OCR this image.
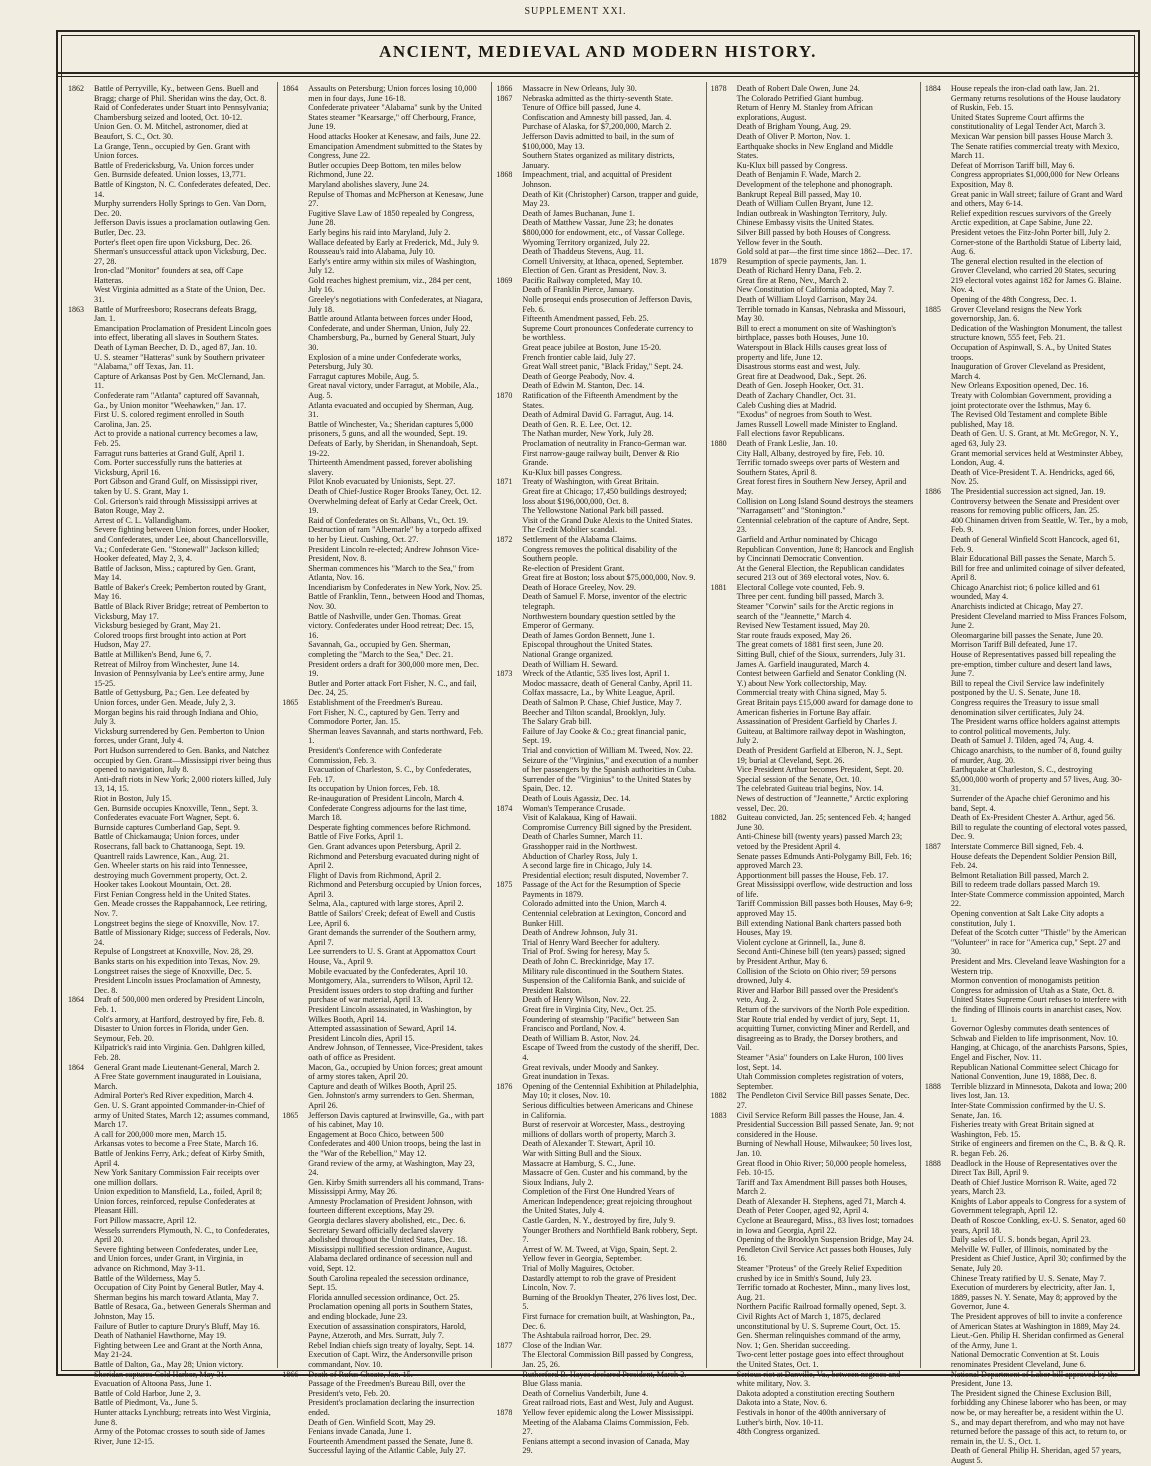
SUPPLEMENT XXI.
ANCIENT, MEDIEVAL AND MODERN HISTORY.
1862	Battle of Perryville, Ky., between Gens. Buell and Bragg; charge of Phil. Sheridan wins the day, Oct. 8.
Raid of Confederates under Stuart into Pennsylvania; Chambersburg seized and looted, Oct. 10-12.
Union Gen. O. M. Mitchel, astronomer, died at Beaufort, S. C., Oct. 30.
La Grange, Tenn., occupied by Gen. Grant with Union forces.
Battle of Fredericksburg, Va. Union forces under Gen. Burnside defeated. Union losses, 13,771.
Battle of Kingston, N. C. Confederates defeated, Dec. 14.
Murphy surrenders Holly Springs to Gen. Van Dorn, Dec. 20.
Jefferson Davis issues a proclamation outlawing Gen. Butler, Dec. 23.
Porter's fleet open fire upon Vicksburg, Dec. 26.
Sherman's unsuccessful attack upon Vicksburg, Dec. 27, 28.
Iron-clad "Monitor" founders at sea, off Cape Hatteras.
West Virginia admitted as a State of the Union, Dec. 31.
1863	Battle of Murfreesboro; Rosecrans defeats Bragg, Jan. 1.
Emancipation Proclamation of President Lincoln goes into effect, liberating all slaves in Southern States.
Death of Lyman Beecher, D. D., aged 87, Jan. 10.
U. S. steamer "Hatteras" sunk by Southern privateer "Alabama," off Texas, Jan. 11.
Capture of Arkansas Post by Gen. McClernand, Jan. 11.
Confederate ram "Atlanta" captured off Savannah, Ga., by Union monitor "Weehawken," Jan. 17.
First U. S. colored regiment enrolled in South Carolina, Jan. 25.
Act to provide a national currency becomes a law, Feb. 25.
Farragut runs batteries at Grand Gulf, April 1.
Com. Porter successfully runs the batteries at Vicksburg, April 16.
Port Gibson and Grand Gulf, on Mississippi river, taken by U. S. Grant, May 1.
Col. Grierson's raid through Mississippi arrives at Baton Rouge, May 2.
Arrest of C. L. Vallandigham.
Severe fighting between Union forces, under Hooker, and Confederates, under Lee, about Chancellorsville, Va.; Confederate Gen. "Stonewall" Jackson killed; Hooker defeated, May 2, 3, 4.
Battle of Jackson, Miss.; captured by Gen. Grant, May 14.
Battle of Baker's Creek; Pemberton routed by Grant, May 16.
Battle of Black River Bridge; retreat of Pemberton to Vicksburg, May 17.
Vicksburg besieged by Grant, May 21.
Colored troops first brought into action at Port Hudson, May 27.
Battle at Milliken's Bend, June 6, 7.
Retreat of Milroy from Winchester, June 14.
Invasion of Pennsylvania by Lee's entire army, June 15-25.
Battle of Gettysburg, Pa.; Gen. Lee defeated by Union forces, under Gen. Meade, July 2, 3.
Morgan begins his raid through Indiana and Ohio, July 3.
Vicksburg surrendered by Gen. Pemberton to Union forces, under Grant, July 4.
Port Hudson surrendered to Gen. Banks, and Natchez occupied by Gen. Grant—Mississippi river being thus opened to navigation, July 8.
Anti-draft riots in New York; 2,000 rioters killed, July 13, 14, 15.
Riot in Boston, July 15.
Gen. Burnside occupies Knoxville, Tenn., Sept. 3.
Confederates evacuate Fort Wagner, Sept. 6.
Burnside captures Cumberland Gap, Sept. 9.
Battle of Chickamauga; Union forces, under Rosecrans, fall back to Chattanooga, Sept. 19.
Quantrell raids Lawrence, Kan., Aug. 21.
Gen. Wheeler starts on his raid into Tennessee, destroying much Government property, Oct. 2.
Hooker takes Lookout Mountain, Oct. 28.
First Fenian Congress held in the United States.
Gen. Meade crosses the Rappahannock, Lee retiring, Nov. 7.
Longstreet begins the siege of Knoxville, Nov. 17.
Battle of Missionary Ridge; success of Federals, Nov. 24.
Repulse of Longstreet at Knoxville, Nov. 28, 29.
Banks starts on his expedition into Texas, Nov. 29.
Longstreet raises the siege of Knoxville, Dec. 5.
President Lincoln issues Proclamation of Amnesty, Dec. 8.
1864	Draft of 500,000 men ordered by President Lincoln, Feb. 1.
Colt's armory, at Hartford, destroyed by fire, Feb. 8.
Disaster to Union forces in Florida, under Gen. Seymour, Feb. 20.
Kilpatrick's raid into Virginia. Gen. Dahlgren killed, Feb. 28.
1864	General Grant made Lieutenant-General, March 2.
A Free State government inaugurated in Louisiana, March.
Admiral Porter's Red River expedition, March 4.
Gen. U. S. Grant appointed Commander-in-Chief of army of United States, March 12; assumes command, March 17.
A call for 200,000 more men, March 15.
Arkansas votes to become a Free State, March 16.
Battle of Jenkins Ferry, Ark.; defeat of Kirby Smith, April 4.
New York Sanitary Commission Fair receipts over one million dollars.
Union expedition to Mansfield, La., foiled, April 8; Union forces, reinforced, repulse Confederates at Pleasant Hill.
Fort Pillow massacre, April 12.
Wessels surrenders Plymouth, N. C., to Confederates, April 20.
Severe fighting between Confederates, under Lee, and Union forces, under Grant, in Virginia, in advance on Richmond, May 3-11.
Battle of the Wilderness, May 5.
Occupation of City Point by General Butler, May 4.
Sherman begins his march toward Atlanta, May 7.
Battle of Resaca, Ga., between Generals Sherman and Johnston, May 15.
Failure of Butler to capture Drury's Bluff, May 16.
Death of Nathaniel Hawthorne, May 19.
Fighting between Lee and Grant at the North Anna, May 21-24.
Battle of Dalton, Ga., May 28; Union victory.
Sheridan captures Cold Harbor, May 31.
Evacuation of Altoona Pass, June 1.
Battle of Cold Harbor, June 2, 3.
Battle of Piedmont, Va., June 5.
Hunter attacks Lynchburg; retreats into West Virginia, June 8.
Army of the Potomac crosses to south side of James River, June 12-15.
1864	Assaults on Petersburg; Union forces losing 10,000 men in four days, June 16-18.
Confederate privateer "Alabama" sunk by the United States steamer "Kearsarge," off Cherbourg, France, June 19.
Hood attacks Hooker at Kenesaw, and fails, June 22.
Emancipation Amendment submitted to the States by Congress, June 22.
Butler occupies Deep Bottom, ten miles below Richmond, June 22.
Maryland abolishes slavery, June 24.
Repulse of Thomas and McPherson at Kenesaw, June 27.
Fugitive Slave Law of 1850 repealed by Congress, June 28.
Early begins his raid into Maryland, July 2.
Wallace defeated by Early at Frederick, Md., July 9.
Rousseau's raid into Alabama, July 10.
Early's entire army within six miles of Washington, July 12.
Gold reaches highest premium, viz., 284 per cent, July 16.
Greeley's negotiations with Confederates, at Niagara, July 18.
Battle around Atlanta between forces under Hood, Confederate, and under Sherman, Union, July 22.
Chambersburg, Pa., burned by General Stuart, July 30.
Explosion of a mine under Confederate works, Petersburg, July 30.
Farragut captures Mobile, Aug. 5.
Great naval victory, under Farragut, at Mobile, Ala., Aug. 5.
Atlanta evacuated and occupied by Sherman, Aug. 31.
Battle of Winchester, Va.; Sheridan captures 5,000 prisoners, 5 guns, and all the wounded, Sept. 19.
Defeats of Early, by Sheridan, in Shenandoah, Sept. 19-22.
Thirteenth Amendment passed, forever abolishing slavery.
Pilot Knob evacuated by Unionists, Sept. 27.
Death of Chief-Justice Roger Brooks Taney, Oct. 12.
Overwhelming defeat of Early at Cedar Creek, Oct. 19.
Raid of Confederates on St. Albans, Vt., Oct. 19.
Destruction of ram "Albemarle" by a torpedo affixed to her by Lieut. Cushing, Oct. 27.
President Lincoln re-elected; Andrew Johnson Vice-President, Nov. 8.
Sherman commences his "March to the Sea," from Atlanta, Nov. 16.
Incendiarism by Confederates in New York, Nov. 25.
Battle of Franklin, Tenn., between Hood and Thomas, Nov. 30.
Battle of Nashville, under Gen. Thomas. Great victory. Confederates under Hood retreat; Dec. 15, 16.
Savannah, Ga., occupied by Gen. Sherman, completing the "March to the Sea," Dec. 21.
President orders a draft for 300,000 more men, Dec. 19.
Butler and Porter attack Fort Fisher, N. C., and fail, Dec. 24, 25.
1865	Establishment of the Freedmen's Bureau.
Fort Fisher, N. C., captured by Gen. Terry and Commodore Porter, Jan. 15.
Sherman leaves Savannah, and starts northward, Feb. 1.
President's Conference with Confederate Commission, Feb. 3.
Evacuation of Charleston, S. C., by Confederates, Feb. 17.
Its occupation by Union forces, Feb. 18.
Re-inauguration of President Lincoln, March 4.
Confederate Congress adjourns for the last time, March 18.
Desperate fighting commences before Richmond. Battle of Five Forks, April 1.
Gen. Grant advances upon Petersburg, April 2.
Richmond and Petersburg evacuated during night of April 2.
Flight of Davis from Richmond, April 2.
Richmond and Petersburg occupied by Union forces, April 3.
Selma, Ala., captured with large stores, April 2.
Battle of Sailors' Creek; defeat of Ewell and Custis Lee, April 6.
Grant demands the surrender of the Southern army, April 7.
Lee surrenders to U. S. Grant at Appomattox Court House, Va., April 9.
Mobile evacuated by the Confederates, April 10.
Montgomery, Ala., surrenders to Wilson, April 12.
President issues orders to stop drafting and further purchase of war material, April 13.
President Lincoln assassinated, in Washington, by Wilkes Booth, April 14.
Attempted assassination of Seward, April 14.
President Lincoln dies, April 15.
Andrew Johnson, of Tennessee, Vice-President, takes oath of office as President.
Macon, Ga., occupied by Union forces; great amount of army stores taken, April 20.
Capture and death of Wilkes Booth, April 25.
Gen. Johnston's army surrenders to Gen. Sherman, April 26.
1865	Jefferson Davis captured at Irwinsville, Ga., with part of his cabinet, May 10.
Engagement at Boco Chico, between 500 Confederates and 400 Union troops, being the last in the "War of the Rebellion," May 12.
Grand review of the army, at Washington, May 23, 24.
Gen. Kirby Smith surrenders all his command, Trans-Mississippi Army, May 26.
Amnesty Proclamation of President Johnson, with fourteen different exceptions, May 29.
Georgia declares slavery abolished, etc., Dec. 6.
Secretary Seward officially declared slavery abolished throughout the United States, Dec. 18.
Mississippi nullified secession ordinance, August.
Alabama declared ordinance of secession null and void, Sept. 12.
South Carolina repealed the secession ordinance, Sept. 15.
Florida annulled secession ordinance, Oct. 25.
Proclamation opening all ports in Southern States, and ending blockade, June 23.
Execution of assassination conspirators, Harold, Payne, Atzeroth, and Mrs. Surratt, July 7.
Rebel Indian chiefs sign treaty of loyalty, Sept. 14.
Execution of Capt. Wirz, the Andersonville prison commandant, Nov. 10.
1866	Death of Rufus Choate, Jan. 15.
Passage of the Freedmen's Bureau Bill, over the President's veto, Feb. 20.
President's proclamation declaring the insurrection ended.
Death of Gen. Winfield Scott, May 29.
Fenians invade Canada, June 1.
Fourteenth Amendment passed the Senate, June 8.
Successful laying of the Atlantic Cable, July 27.
1866	Massacre in New Orleans, July 30.
1867	Nebraska admitted as the thirty-seventh State.
Tenure of Office bill passed, June 4.
Confiscation and Amnesty bill passed, Jan. 4.
Purchase of Alaska, for $7,200,000, March 2.
Jefferson Davis admitted to bail, in the sum of $100,000, May 13.
Southern States organized as military districts, January.
1868	Impeachment, trial, and acquittal of President Johnson.
Death of Kit (Christopher) Carson, trapper and guide, May 23.
Death of James Buchanan, June 1.
Death of Matthew Vassar, June 23; he donates $800,000 for endowment, etc., of Vassar College.
Wyoming Territory organized, July 22.
Death of Thaddeus Stevens, Aug. 11.
Cornell University, at Ithaca, opened, September.
Election of Gen. Grant as President, Nov. 3.
1869	Pacific Railway completed, May 10.
Death of Franklin Pierce, January.
Nolle prosequi ends prosecution of Jefferson Davis, Feb. 6.
Fifteenth Amendment passed, Feb. 25.
Supreme Court pronounces Confederate currency to be worthless.
Great peace jubilee at Boston, June 15-20.
French frontier cable laid, July 27.
Great Wall street panic, "Black Friday," Sept. 24.
Death of George Peabody, Nov. 4.
Death of Edwin M. Stanton, Dec. 14.
1870	Ratification of the Fifteenth Amendment by the States.
Death of Admiral David G. Farragut, Aug. 14.
Death of Gen. R. E. Lee, Oct. 12.
The Nathan murder, New York, July 28.
Proclamation of neutrality in Franco-German war.
First narrow-gauge railway built, Denver & Rio Grande.
Ku-Klux bill passes Congress.
1871	Treaty of Washington, with Great Britain.
Great fire at Chicago; 17,450 buildings destroyed; loss about $196,000,000, Oct. 8.
The Yellowstone National Park bill passed.
Visit of the Grand Duke Alexis to the United States.
The Credit Mobilier scandal.
1872	Settlement of the Alabama Claims.
Congress removes the political disability of the Southern people.
Re-election of President Grant.
Great fire at Boston; loss about $75,000,000, Nov. 9.
Death of Horace Greeley, Nov. 29.
Death of Samuel F. Morse, inventor of the electric telegraph.
Northwestern boundary question settled by the Emperor of Germany.
Death of James Gordon Bennett, June 1.
Episcopal throughout the United States.
National Grange organized.
Death of William H. Seward.
1873	Wreck of the Atlantic, 535 lives lost, April 1.
Modoc massacre, death of General Canby, April 11.
Colfax massacre, La., by White League, April.
Death of Salmon P. Chase, Chief Justice, May 7.
Beecher and Tilton scandal, Brooklyn, July.
The Salary Grab bill.
Failure of Jay Cooke & Co.; great financial panic, Sept. 19.
Trial and conviction of William M. Tweed, Nov. 22.
Seizure of the "Virginius," and execution of a number of her passengers by the Spanish authorities in Cuba.
Surrender of the "Virginius" to the United States by Spain, Dec. 12.
Death of Louis Agassiz, Dec. 14.
1874	Woman's Temperance Crusade.
Visit of Kalakaua, King of Hawaii.
Compromise Currency Bill signed by the President.
Death of Charles Sumner, March 11.
Grasshopper raid in the Northwest.
Abduction of Charley Ross, July 1.
A second large fire in Chicago, July 14.
Presidential election; result disputed, November 7.
1875	Passage of the Act for the Resumption of Specie Payments in 1879.
Colorado admitted into the Union, March 4.
Centennial celebration at Lexington, Concord and Bunker Hill.
Death of Andrew Johnson, July 31.
Trial of Henry Ward Beecher for adultery.
Trial of Prof. Swing for heresy, May 5.
Death of John C. Breckinridge, May 17.
Military rule discontinued in the Southern States.
Suspension of the California Bank, and suicide of President Ralston.
Death of Henry Wilson, Nov. 22.
Great fire in Virginia City, Nev., Oct. 25.
Foundering of steamship "Pacific" between San Francisco and Portland, Nov. 4.
Death of William B. Astor, Nov. 24.
Escape of Tweed from the custody of the sheriff, Dec. 4.
Great revivals, under Moody and Sankey.
Great inundation in Texas.
1876	Opening of the Centennial Exhibition at Philadelphia, May 10; it closes, Nov. 10.
Serious difficulties between Americans and Chinese in California.
Burst of reservoir at Worcester, Mass., destroying millions of dollars worth of property, March 3.
Death of Alexander T. Stewart, April 10.
War with Sitting Bull and the Sioux.
Massacre at Hamburg, S. C., June.
Massacre of Gen. Custer and his command, by the Sioux Indians, July 2.
Completion of the First One Hundred Years of American Independence; great rejoicing throughout the United States, July 4.
Castle Garden, N. Y., destroyed by fire, July 9.
Younger Brothers and Northfield Bank robbery, Sept. 7.
Arrest of W. M. Tweed, at Vigo, Spain, Sept. 2.
Yellow fever in Georgia, September.
Trial of Molly Maguires, October.
Dastardly attempt to rob the grave of President Lincoln, Nov. 7.
Burning of the Brooklyn Theater, 276 lives lost, Dec. 5.
First furnace for cremation built, at Washington, Pa., Dec. 6.
The Ashtabula railroad horror, Dec. 29.
1877	Close of the Indian War.
The Electoral Commission Bill passed by Congress, Jan. 25, 26.
Rutherford B. Hayes declared President, March 2.
Blue Glass mania.
Death of Cornelius Vanderbilt, June 4.
Great railroad riots, East and West, July and August.
1878	Yellow fever epidemic along the Lower Mississippi.
Meeting of the Alabama Claims Commission, Feb. 27.
Fenians attempt a second invasion of Canada, May 29.
1878	Death of Robert Dale Owen, June 24.
The Colorado Petrified Giant humbug.
Return of Henry M. Stanley from African explorations, August.
Death of Brigham Young, Aug. 29.
Death of Oliver P. Morton, Nov. 1.
Earthquake shocks in New England and Middle States.
Ku-Klux bill passed by Congress.
Death of Benjamin F. Wade, March 2.
Development of the telephone and phonograph.
Bankrupt Repeal Bill passed, May 10.
Death of William Cullen Bryant, June 12.
Indian outbreak in Washington Territory, July.
Chinese Embassy visits the United States.
Silver Bill passed by both Houses of Congress.
Yellow fever in the South.
Gold sold at par—the first time since 1862—Dec. 17.
1879	Resumption of specie payments, Jan. 1.
Death of Richard Henry Dana, Feb. 2.
Great fire at Reno, Nev., March 2.
New Constitution of California adopted, May 7.
Death of William Lloyd Garrison, May 24.
Terrible tornado in Kansas, Nebraska and Missouri, May 30.
Bill to erect a monument on site of Washington's birthplace, passes both Houses, June 10.
Waterspout in Black Hills causes great loss of property and life, June 12.
Disastrous storms east and west, July.
Great fire at Deadwood, Dak., Sept. 26.
Death of Gen. Joseph Hooker, Oct. 31.
Death of Zachary Chandler, Oct. 31.
Caleb Cushing dies at Madrid.
"Exodus" of negroes from South to West.
James Russell Lowell made Minister to England.
Fall elections favor Republicans.
1880	Death of Frank Leslie, Jan. 10.
City Hall, Albany, destroyed by fire, Feb. 10.
Terrific tornado sweeps over parts of Western and Southern States, April 8.
Great forest fires in Southern New Jersey, April and May.
Collision on Long Island Sound destroys the steamers "Narragansett" and "Stonington."
Centennial celebration of the capture of Andre, Sept. 23.
Garfield and Arthur nominated by Chicago Republican Convention, June 8; Hancock and English by Cincinnati Democratic Convention.
At the General Election, the Republican candidates secured 213 out of 369 electoral votes, Nov. 6.
1881	Electoral College vote counted, Feb. 9.
Three per cent. funding bill passed, March 3.
Steamer "Corwin" sails for the Arctic regions in search of the "Jeannette," March 4.
Revised New Testament issued, May 20.
Star route frauds exposed, May 26.
The great comets of 1881 first seen, June 20.
Sitting Bull, chief of the Sioux, surrenders, July 31.
James A. Garfield inaugurated, March 4.
Contest between Garfield and Senator Conkling (N. Y.) about New York collectorship, May.
Commercial treaty with China signed, May 5.
Great Britain pays £15,000 award for damage done to American fisheries in Fortune Bay affair.
Assassination of President Garfield by Charles J. Guiteau, at Baltimore railway depot in Washington, July 2.
Death of President Garfield at Elberon, N. J., Sept. 19; burial at Cleveland, Sept. 26.
Vice President Arthur becomes President, Sept. 20.
Special session of the Senate, Oct. 10.
The celebrated Guiteau trial begins, Nov. 14.
News of destruction of "Jeannette," Arctic exploring vessel, Dec. 20.
1882	Guiteau convicted, Jan. 25; sentenced Feb. 4; hanged June 30.
Anti-Chinese bill (twenty years) passed March 23; vetoed by the President April 4.
Senate passes Edmunds Anti-Polygamy Bill, Feb. 16; approved March 23.
Apportionment bill passes the House, Feb. 17.
Great Mississippi overflow, wide destruction and loss of life.
Tariff Commission Bill passes both Houses, May 6-9; approved May 15.
Bill extending National Bank charters passed both Houses, May 19.
Violent cyclone at Grinnell, Ia., June 8.
Second Anti-Chinese bill (ten years) passed; signed by President Arthur, May 6.
Collision of the Scioto on Ohio river; 59 persons drowned, July 4.
River and Harbor Bill passed over the President's veto, Aug. 2.
Return of the survivors of the North Pole expedition.
Star Route trial ended by verdict of jury, Sept. 11, acquitting Turner, convicting Miner and Rerdell, and disagreeing as to Brady, the Dorsey brothers, and Vail.
Steamer "Asia" founders on Lake Huron, 100 lives lost, Sept. 14.
Utah Commission completes registration of voters, September.
1882	The Pendleton Civil Service Bill passes Senate, Dec. 27.
1883	Civil Service Reform Bill passes the House, Jan. 4.
Presidential Succession Bill passed Senate, Jan. 9; not considered in the House.
Burning of Newhall House, Milwaukee; 50 lives lost, Jan. 10.
Great flood in Ohio River; 50,000 people homeless, Feb. 10-15.
Tariff and Tax Amendment Bill passes both Houses, March 2.
Death of Alexander H. Stephens, aged 71, March 4.
Death of Peter Cooper, aged 92, April 4.
Cyclone at Beauregard, Miss., 83 lives lost; tornadoes in Iowa and Georgia, April 22.
Opening of the Brooklyn Suspension Bridge, May 24.
Pendleton Civil Service Act passes both Houses, July 16.
Steamer "Proteus" of the Greely Relief Expedition crushed by ice in Smith's Sound, July 23.
Terrific tornado at Rochester, Minn., many lives lost, Aug. 21.
Northern Pacific Railroad formally opened, Sept. 3.
Civil Rights Act of March 1, 1875, declared unconstitutional by U. S. Supreme Court, Oct. 15.
Gen. Sherman relinquishes command of the army, Nov. 1; Gen. Sheridan succeeding.
Two-cent letter postage goes into effect throughout the United States, Oct. 1.
Serious riot at Danville, Va., between negroes and white military, Nov. 3.
Dakota adopted a constitution erecting Southern Dakota into a State, Nov. 6.
Festivals in honor of the 400th anniversary of Luther's birth, Nov. 10-11.
48th Congress organized.
1884	House repeals the iron-clad oath law, Jan. 21.
Germany returns resolutions of the House laudatory of Ruskin, Feb. 15.
United States Supreme Court affirms the constitutionality of Legal Tender Act, March 3.
Mexican War pension bill passes House March 3.
The Senate ratifies commercial treaty with Mexico, March 11.
Defeat of Morrison Tariff bill, May 6.
Congress appropriates $1,000,000 for New Orleans Exposition, May 8.
Great panic in Wall street; failure of Grant and Ward and others, May 6-14.
Relief expedition rescues survivors of the Greely Arctic expedition, at Cape Sabine, June 22.
President vetoes the Fitz-John Porter bill, July 2.
Corner-stone of the Bartholdi Statue of Liberty laid, Aug. 6.
The general election resulted in the election of Grover Cleveland, who carried 20 States, securing 219 electoral votes against 182 for James G. Blaine. Nov. 4.
Opening of the 48th Congress, Dec. 1.
1885	Grover Cleveland resigns the New York governorship, Jan. 6.
Dedication of the Washington Monument, the tallest structure known, 555 feet, Feb. 21.
Occupation of Aspinwall, S. A., by United States troops.
Inauguration of Grover Cleveland as President, March 4.
New Orleans Exposition opened, Dec. 16.
Treaty with Colombian Government, providing a joint protectorate over the Isthmus, May 6.
The Revised Old Testament and complete Bible published, May 18.
Death of Gen. U. S. Grant, at Mt. McGregor, N. Y., aged 63, July 23.
Grant memorial services held at Westminster Abbey, London, Aug. 4.
Death of Vice-President T. A. Hendricks, aged 66, Nov. 25.
1886	The Presidential succession act signed, Jan. 19.
Controversy between the Senate and President over reasons for removing public officers, Jan. 25.
400 Chinamen driven from Seattle, W. Ter., by a mob, Feb. 9.
Death of General Winfield Scott Hancock, aged 61, Feb. 9.
Blair Educational Bill passes the Senate, March 5.
Bill for free and unlimited coinage of silver defeated, April 8.
Chicago Anarchist riot; 6 police killed and 61 wounded, May 4.
Anarchists indicted at Chicago, May 27.
President Cleveland married to Miss Frances Folsom, June 2.
Oleomargarine bill passes the Senate, June 20.
Morrison Tariff Bill defeated, June 17.
House of Representatives passed bill repealing the pre-emption, timber culture and desert land laws, June 7.
Bill to repeal the Civil Service law indefinitely postponed by the U. S. Senate, June 18.
Congress requires the Treasury to issue small denomination silver certificates, July 24.
The President warns office holders against attempts to control political movements, July.
Death of Samuel J. Tilden, aged 74, Aug. 4.
Chicago anarchists, to the number of 8, found guilty of murder, Aug. 20.
Earthquake at Charleston, S. C., destroying $5,000,000 worth of property and 57 lives, Aug. 30-31.
Surrender of the Apache chief Geronimo and his band, Sept. 4.
Death of Ex-President Chester A. Arthur, aged 56.
Bill to regulate the counting of electoral votes passed, Dec. 9.
1887	Interstate Commerce Bill signed, Feb. 4.
House defeats the Dependent Soldier Pension Bill, Feb. 24.
Belmont Retaliation Bill passed, March 2.
Bill to redeem trade dollars passed March 19.
Inter-State Commerce commission appointed, March 22.
Opening convention at Salt Lake City adopts a constitution, July 1.
Defeat of the Scotch cutter "Thistle" by the American "Volunteer" in race for "America cup," Sept. 27 and 30.
President and Mrs. Cleveland leave Washington for a Western trip.
Mormon convention of monogamists petition Congress for admission of Utah as a State, Oct. 8.
United States Supreme Court refuses to interfere with the finding of Illinois courts in anarchist cases, Nov. 1.
Governor Oglesby commutes death sentences of Schwab and Fielden to life imprisonment, Nov. 10.
Hanging, at Chicago, of the anarchists Parsons, Spies, Engel and Fischer, Nov. 11.
Republican National Committee select Chicago for National Convention, June 19, 1888, Dec. 8.
1888	Terrible blizzard in Minnesota, Dakota and Iowa; 200 lives lost, Jan. 13.
Inter-State Commission confirmed by the U. S. Senate, Jan. 16.
Fisheries treaty with Great Britain signed at Washington, Feb. 15.
Strike of engineers and firemen on the C., B. & Q. R. R. began Feb. 26.
1888	Deadlock in the House of Representatives over the Direct Tax Bill, April 9.
Death of Chief Justice Morrison R. Waite, aged 72 years, March 23.
Knights of Labor appeals to Congress for a system of Government telegraph, April 12.
Death of Roscoe Conkling, ex-U. S. Senator, aged 60 years, April 18.
Daily sales of U. S. bonds began, April 23.
Melville W. Fuller, of Illinois, nominated by the President as Chief Justice, April 30; confirmed by the Senate, July 20.
Chinese Treaty ratified by U. S. Senate, May 7.
Execution of murderers by electricity, after Jan. 1, 1889, passes N. Y. Senate, May 8; approved by the Governor, June 4.
The President approves of bill to invite a conference of American States at Washington in 1889, May 24.
Lieut.-Gen. Philip H. Sheridan confirmed as General of the Army, June 1.
National Democratic Convention at St. Louis renominates President Cleveland, June 6.
National Department of Labor bill approved by the President, June 13.
The President signed the Chinese Exclusion Bill, forbidding any Chinese laborer who has been, or may now be, or may hereafter be, a resident within the U. S., and may depart therefrom, and who may not have returned before the passage of this act, to return to, or remain in, the U. S., Oct. 1.
Death of General Philip H. Sheridan, aged 57 years, August 5.
